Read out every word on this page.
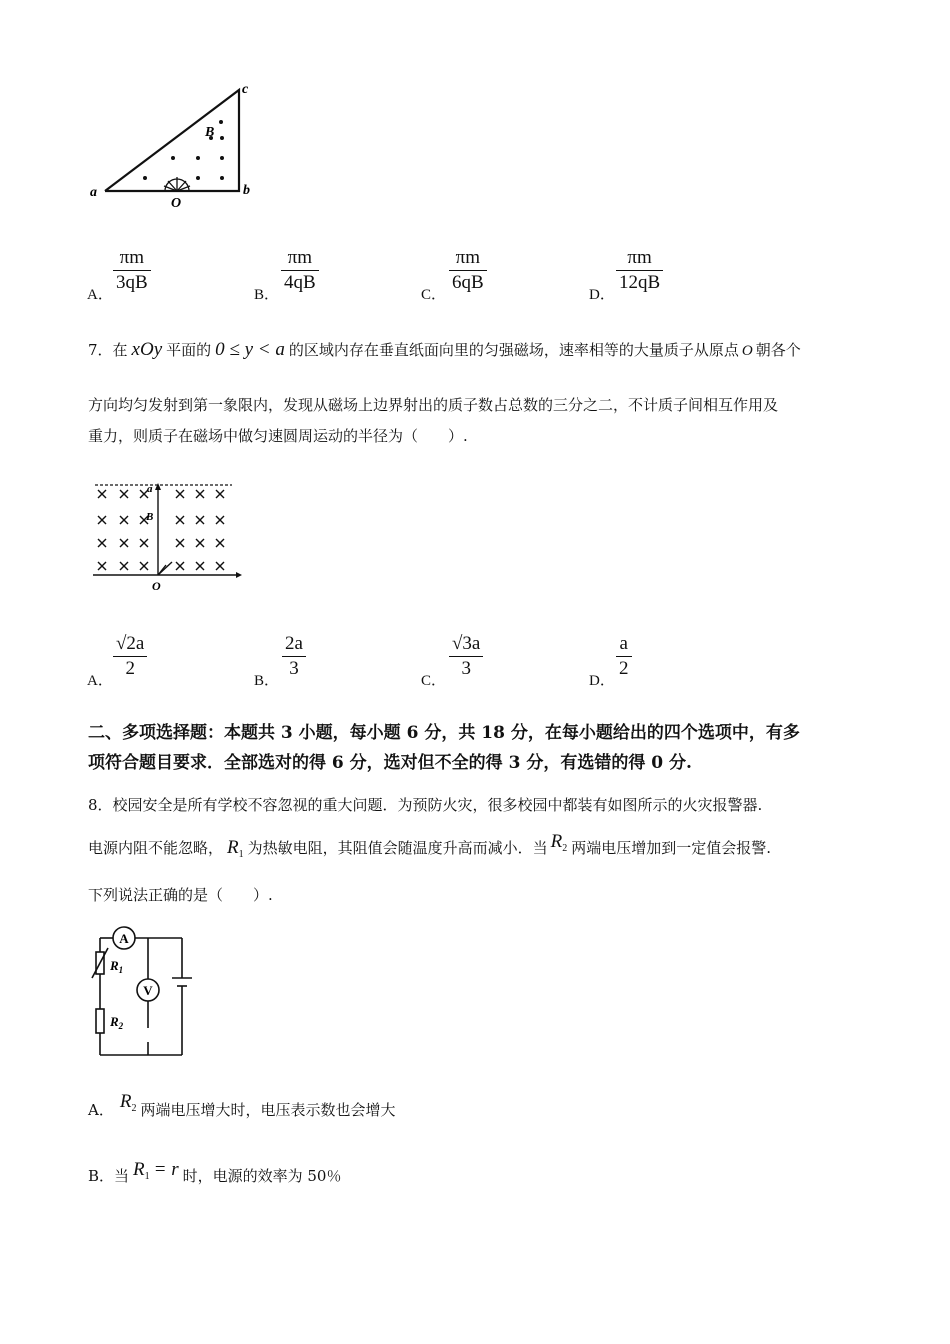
a	b
c
B
O
A．
πm
3qB
B．
πm
4qB
C．
πm
6qB
D．
πm
12qB
7．在 xOy 平面的 0 ≤ y < a 的区域内存在垂直纸面向里的匀强磁场，速率相等的大量质子从原点 O 朝各个
方向均匀发射到第一象限内，发现从磁场上边界射出的质子数占总数的三分之二，不计质子间相互作用及
重力，则质子在磁场中做匀速圆周运动的半径为（　　）.
a
B
O
A．
√2a
2
B．
2a
3
C．
√3a
3
D．
a
2
二、多项选择题：本题共 3 小题，每小题 6 分，共 18 分，在每小题给出的四个选项中，有多
项符合题目要求．全部选对的得 6 分，选对但不全的得 3 分，有选错的得 0 分.
8．校园安全是所有学校不容忽视的重大问题．为预防火灾，很多校园中都装有如图所示的火灾报警器.
电源内阻不能忽略， $R_1$ 为热敏电阻，其阻值会随温度升高而减小．当 $R_2$ 两端电压增加到一定值会报警.
下列说法正确的是（　　）.
A
V
$R_1$
$R_2$
A． $R^2$ 两端电压增大时，电压表示数也会增大
B．当 $R_1 = r$ 时，电源的效率为 50％
